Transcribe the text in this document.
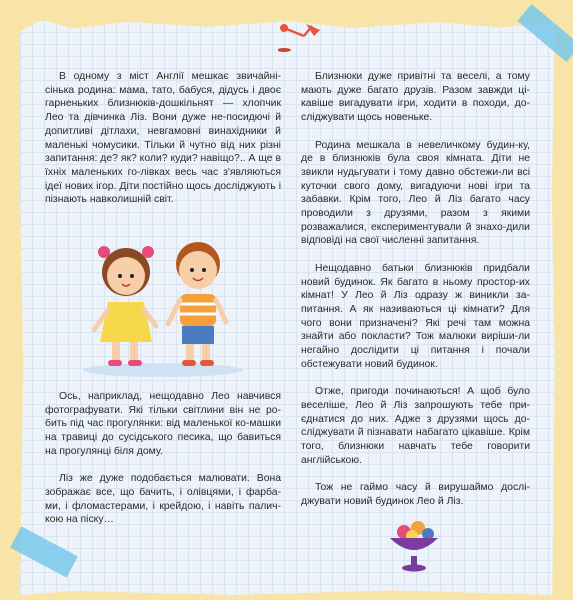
В одному з міст Англії мешкає звичайні-сінька родина: мама, тато, бабуся, дідусь і двоє гарненьких близнюків-дошкільнят — хлопчик Лео та дівчинка Ліз. Вони дуже не-посидючі й допитливі дітлахи, невгамовні винахідники й маленькі чомусики. Тільки й чутно від них різні запитання: де? як? коли? куди? навіщо?.. А ще в їхніх маленьких го-лівках весь час з'являються ідеї нових ігор. Діти постійно щось досліджують і пізнають навколишній світ.

Ось, наприклад, нещодавно Лео навчився фотографувати. Які тільки світлини він не ро-бить під час прогулянки: від маленької ко-машки на травиці до сусідського песика, що бавиться на прогулянці біля дому.

Ліз же дуже подобається малювати. Вона зображає все, що бачить, і олівцями, і фарба-ми, і фломастерами, і крейдою, і навіть палич-кою на піску…

Близнюки дуже привітні та веселі, а тому мають дуже багато друзів. Разом завжди ці-кавіше вигадувати ігри, ходити в походи, до-сліджувати щось новеньке.

Родина мешкала в невеличкому будин-ку, де в близнюків була своя кімната. Діти не звикли нудьгувати і тому давно обстежи-ли всі куточки свого дому, вигадуючи нові ігри та забавки. Крім того, Лео й Ліз багато часу проводили з друзями, разом з якими розважалися, експериментували й знахо-дили відповіді на свої численні запитання.

Нещодавно батьки близнюків придбали новий будинок. Як багато в ньому простор-их кімнат! У Лео й Ліз одразу ж виникли за-питання. А як називаються ці кімнати? Для чого вони призначені? Які речі там можна знайти або покласти? Тож малюки виріши-ли негайно дослідити ці питання і почали обстежувати новий будинок.

Отже, пригоди починаються! А щоб було веселіше, Лео й Ліз запрошують тебе при-єднатися до них. Адже з друзями щось до-сліджувати й пізнавати набагато цікавіше. Крім того, близнюки навчать тебе говорити англійською.

Тож не гаймо часу й вирушаймо дослі-джувати новий будинок Лео й Ліз.
